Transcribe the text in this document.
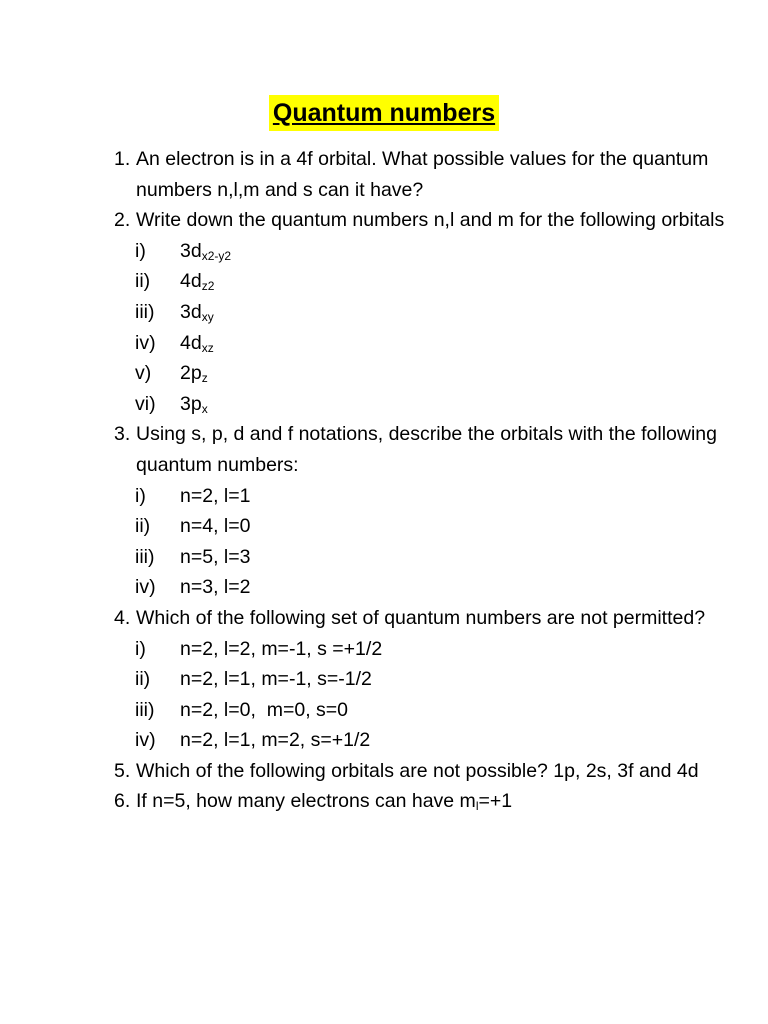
Quantum numbers
1. An electron is in a 4f orbital. What possible values for the quantum numbers n,l,m and s can it have?
2. Write down the quantum numbers n,l and m for the following orbitals
i)	$3d_{x2-y2}$
ii)	$4d_{z2}$
iii)	$3d_{xy}$
iv)	$4d_{xz}$
v)	$2p_z$
vi)	$3p_x$
3. Using s, p, d and f notations, describe the orbitals with the following quantum numbers:
i)	n=2, l=1
ii)	n=4, l=0
iii)	n=5, l=3
iv)	n=3, l=2
4. Which of the following set of quantum numbers are not permitted?
i)	n=2, l=2, m=-1, s =+1/2
ii)	n=2, l=1, m=-1, s=-1/2
iii)	n=2, l=0,  m=0, s=0
iv)	n=2, l=1, m=2, s=+1/2
5. Which of the following orbitals are not possible? 1p, 2s, 3f and 4d
6. If n=5, how many electrons can have $m_l=+1$
